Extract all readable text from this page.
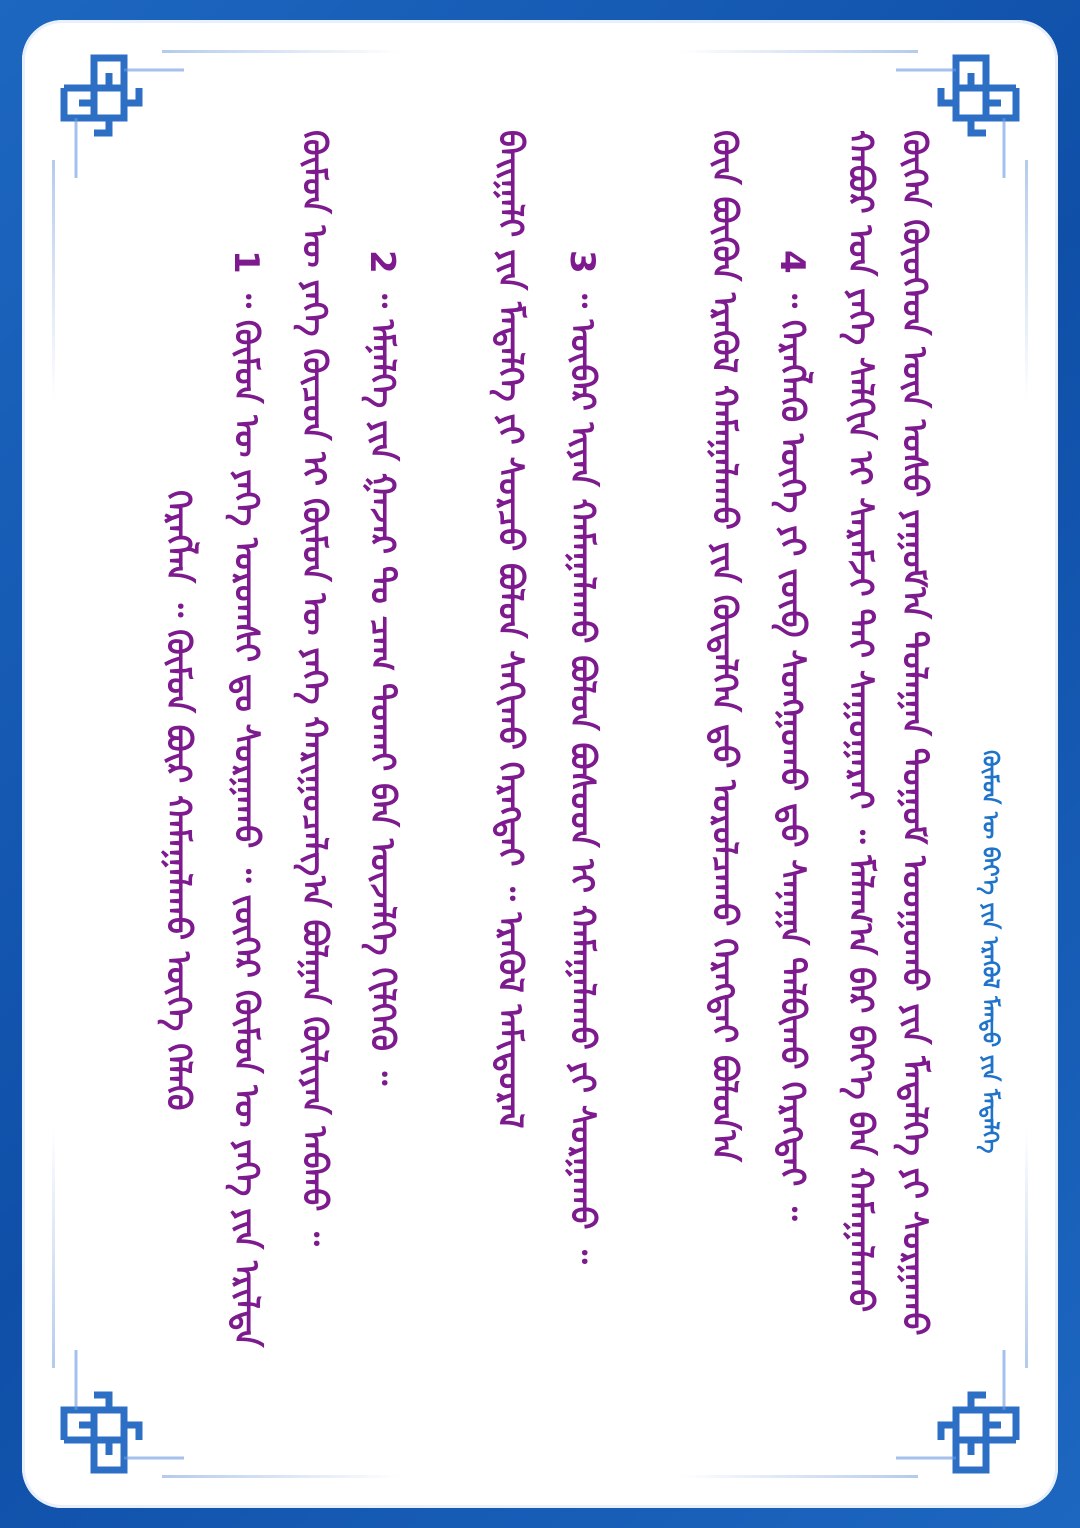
ᠬᠦᠮᠦᠨ ᠦ ᠪᠡᠶ᠎ᠡ ᠶᠢᠨ ᠡᠷᠡᠭᠦᠯ ᠮᠡᠨᠳᠦ ᠶᠢᠨ ᠮᠡᠳᠡᠯᠭᠡ

ᠬᠥᠭᠡᠨ ᠬᠦᠦᠬᠡᠳ ᠦᠨ ᠤᠰᠤ ᠶᠠᠭᠤᠮ᠎ᠠ ᠳᠤᠯᠠᠭᠠᠨ ᠳᠤᠭᠤᠮ ᠤᠤᠭᠤᠬᠤ ᠶᠢᠨ ᠮᠡᠳᠡᠯᠭᠡ ᠶᠢ ᠰᠤᠷᠭᠠᠬᠤ

ᠬᠠᠪᠤᠷ ᠤᠨ ᠶᠡᠬᠡ ᠰᠠᠯᠬᠢᠨ ᠢ ᠰᠡᠷᠡᠮᠵᠢ ᠲᠠᠢ ᠰᠠᠭᠤᠭᠠᠷᠠᠢ ᠃ ᠮᠠᠯᠠᠭ᠎ᠠ ᠪᠠᠷ ᠪᠡᠶ᠎ᠡ ᠪᠡᠨ ᠬᠠᠮᠠᠭᠠᠯᠠᠬᠤ

4 ᠃ ᠬᠡᠷᠡᠭᠯᠡᠬᠦ ᠦᠭᠡ ᠶᠢ ᠵᠥᠪ ᠰᠣᠩᠭᠤᠬᠤ ᠳ᠋ᠤ ᠰᠠᠨᠠᠭᠠ ᠲᠠᠯᠪᠢᠬᠤ ᠬᠡᠷᠡᠭᠲᠡᠢ ᠃

ᠬᠦᠨ ᠪᠦᠬᠦᠨ ᠡᠷᠡᠭᠦᠯ ᠬᠠᠮᠠᠭᠠᠯᠠᠬᠤ ᠶᠢᠨ ᠬᠥᠳᠡᠯᠭᠡᠨ ᠳ᠋ᠤ ᠣᠷᠣᠯᠴᠠᠬᠤ ᠬᠡᠷᠡᠭᠲᠡᠢ ᠪᠣᠯᠤᠨ᠎ᠠ

3 ᠃ ᠥᠪᠡᠷ ᠢᠶᠠᠨ ᠬᠠᠮᠠᠭᠠᠯᠠᠬᠤ ᠪᠣᠯᠤᠨ ᠪᠤᠰᠤᠳ ᠢ ᠬᠠᠮᠠᠭᠠᠯᠠᠬᠤ ᠶᠢ ᠰᠤᠷᠭᠠᠬᠤ ᠃

ᠪᠠᠢᠭᠠᠯᠢ ᠶᠢᠨ ᠮᠡᠳᠡᠯᠭᠡ ᠶᠢ ᠰᠤᠷᠴᠤ ᠪᠣᠯᠤᠨ ᠰᠠᠬᠢᠬᠤ ᠬᠡᠷᠡᠭᠲᠡᠢ ᠃ ᠡᠷᠡᠭᠦᠯ ᠠᠮᠢᠳᠤᠷᠠᠯ

2 ᠃ ᠡᠮᠨᠡᠯᠭᠡ ᠶᠢᠨ ᠭᠠᠵᠠᠷ ᠲᠤ ᠴᠠᠭ ᠲᠤᠬᠠᠢ ᠪᠠᠨ ᠦᠵᠡᠯᠭᠡ ᠬᠢᠯᠭᠡᠬᠦ ᠃

ᠬᠦᠮᠦᠨ ᠦ ᠶᠡᠬᠡ ᠬᠦᠴᠦᠨ ᠢ ᠬᠦᠮᠦᠨ ᠦ ᠶᠡᠬᠡ ᠬᠠᠷᠢᠭᠤᠴᠠᠯᠭ᠎ᠠ ᠪᠣᠯᠭᠠᠨ ᠬᠦᠯᠢᠶᠡᠨ ᠠᠪᠬᠤ ᠃

1 ᠃ ᠬᠦᠮᠦᠨ ᠦ ᠶᠡᠬᠡ ᠤᠷᠤᠭᠰᠢ ᠳᠤ ᠰᠤᠷᠭᠠᠬᠤ ᠃ ᠵᠦᠭᠡᠷ ᠬᠦᠮᠦᠨ ᠦ ᠶᠡᠬᠡ ᠶᠢᠨ ᠡᠷᠢᠯᠲᠡ

ᠬᠡᠷᠡᠭᠯᠡᠨ ᠃ ᠬᠦᠮᠦᠨ ᠪᠦᠷ ᠬᠠᠮᠠᠭᠠᠯᠠᠬᠤ ᠦᠭᠡ ᠬᠡᠯᠡᠬᠦ
